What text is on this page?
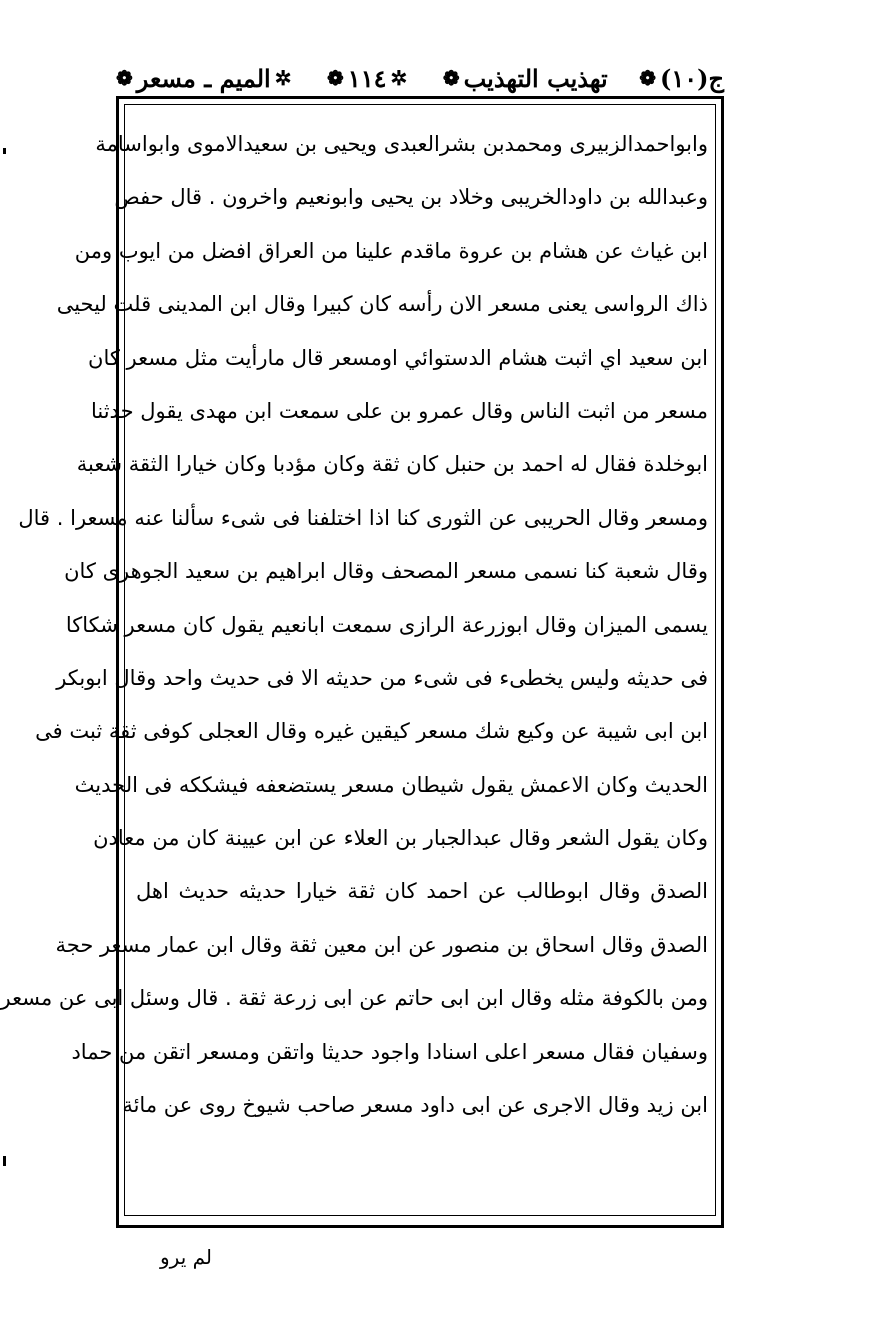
ج(١٠)
❁
تهذيب التهذيب
❁
✲
١١٤
❁
✲
الميم ـ مسعر
❁
وابواحمدالزبيرى ومحمدبن بشرالعبدى ويحيى بن سعيدالاموى وابواسامة
وعبدالله بن داودالخريبى وخلاد بن يحيى وابونعيم واخرون . قال حفص
ابن غياث عن هشام بن عروة ماقدم علينا من العراق افضل من ايوب ومن
ذاك الرواسى يعنى مسعر الان رأسه كان كبيرا وقال ابن المدينى قلت ليحيى
ابن سعيد اي اثبت هشام الدستوائي اومسعر قال مارأيت مثل مسعر كان
مسعر من اثبت الناس وقال عمرو بن على سمعت ابن مهدى يقول حدثنا
ابوخلدة فقال له احمد بن حنبل كان ثقة وكان مؤدبا وكان خيارا الثقة شعبة
ومسعر وقال الحريبى عن الثورى كنا اذا اختلفنا فى شىء سألنا عنه مسعرا . قال
وقال شعبة كنا نسمى مسعر المصحف وقال ابراهيم بن سعيد الجوهرى كان
يسمى الميزان وقال ابوزرعة الرازى سمعت ابانعيم يقول كان مسعر شكاكا
فى حديثه وليس يخطىء فى شىء من حديثه الا فى حديث واحد وقال ابوبكر
ابن ابى شيبة عن وكيع شك مسعر كيقين غيره وقال العجلى كوفى ثقة ثبت فى
الحديث وكان الاعمش يقول شيطان مسعر يستضعفه فيشككه فى الحديث
وكان يقول الشعر وقال عبدالجبار بن العلاء عن ابن عيينة كان من معادن
الصدق وقال ابوطالب عن احمد كان ثقة خيارا حديثه حديث اهل
الصدق وقال اسحاق بن منصور عن ابن معين ثقة وقال ابن عمار مسعر حجة
ومن بالكوفة مثله وقال ابن ابى حاتم عن ابى زرعة ثقة . قال وسئل ابى عن مسعر
وسفيان فقال مسعر اعلى اسنادا واجود حديثا واتقن ومسعر اتقن من حماد
ابن زيد وقال الاجرى عن ابى داود مسعر صاحب شيوخ روى عن مائة
لم يرو
